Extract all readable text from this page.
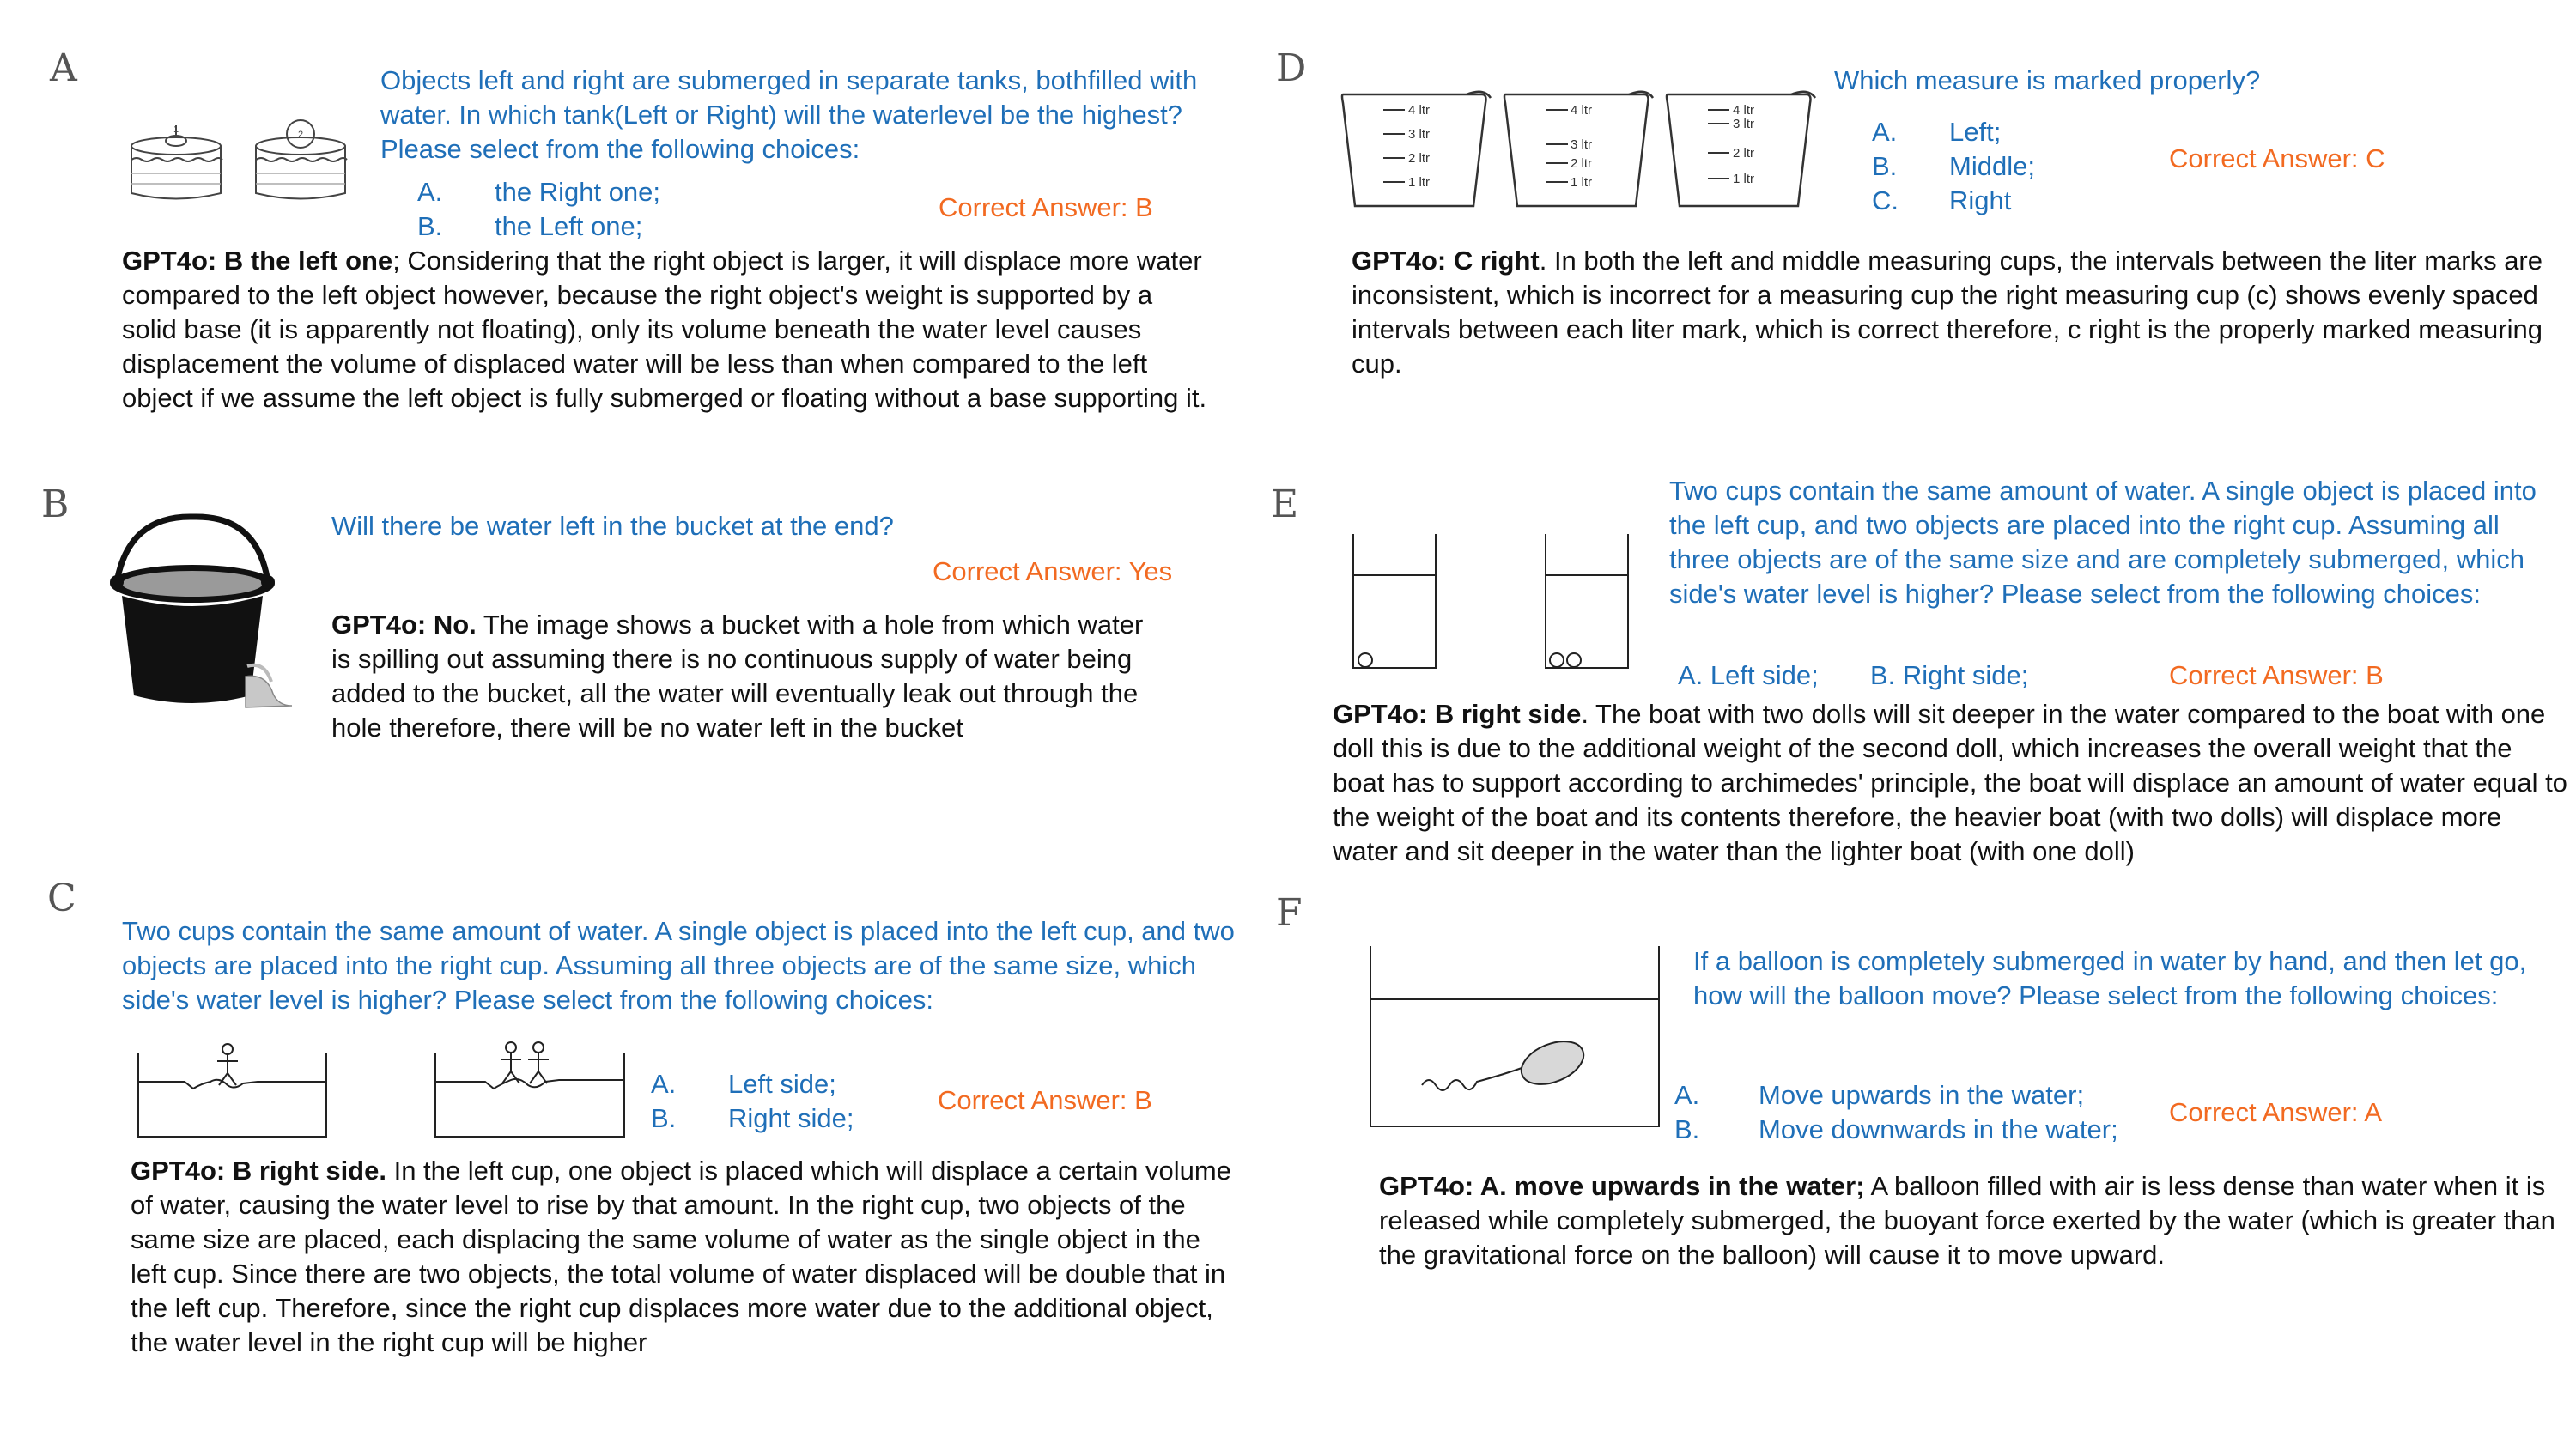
A
1	2
Objects left and right are submerged in separate tanks, bothfilled with water. In which tank(Left or Right) will the waterlevel be the highest? Please select from the following choices:
A. the Right one;
B. the Left one;
Correct Answer: B
GPT4o: B the left one; Considering that the right object is larger, it will displace more water compared to the left object however, because the right object's weight is supported by a solid base (it is apparently not floating), only its volume beneath the water level causes displacement the volume of displaced water will be less than when compared to the left object if we assume the left object is fully submerged or floating without a base supporting it.
B	Will there be water left in the bucket at the end?
Correct Answer: Yes
GPT4o: No. The image shows a bucket with a hole from which water is spilling out assuming there is no continuous supply of water being added to the bucket, all the water will eventually leak out through the hole therefore, there will be no water left in the bucket
C
Two cups contain the same amount of water. A single object is placed into the left cup, and two objects are placed into the right cup. Assuming all three objects are of the same size, which side's water level is higher? Please select from the following choices:
A. Left side;
B. Right side;
Correct Answer: B
GPT4o: B right side. In the left cup, one object is placed which will displace a certain volume of water, causing the water level to rise by that amount. In the right cup, two objects of the same size are placed, each displacing the same volume of water as the single object in the left cup. Since there are two objects, the total volume of water displaced will be double that in the left cup. Therefore, since the right cup displaces more water due to the additional object, the water level in the right cup will be higher
D
4 ltr
3 ltr
2 ltr
1 ltr
4 ltr
3 ltr
2 ltr
1 ltr
4 ltr
3 ltr
2 ltr
1 ltr
Which measure is marked properly?
A. Left;
B. Middle;
C. Right
Correct Answer: C
GPT4o: C right. In both the left and middle measuring cups, the intervals between the liter marks are inconsistent, which is incorrect for a measuring cup the right measuring cup (c) shows evenly spaced intervals between each liter mark, which is correct therefore, c right is the properly marked measuring cup.
E	Two cups contain the same amount of water. A single object is placed into the left cup, and two objects are placed into the right cup. Assuming all three objects are of the same size and are completely submerged, which side's water level is higher? Please select from the following choices:
A. Left side; B. Right side;	Correct Answer: B
GPT4o: B right side. The boat with two dolls will sit deeper in the water compared to the boat with one doll this is due to the additional weight of the second doll, which increases the overall weight that the boat has to support according to archimedes' principle, the boat will displace an amount of water equal to the weight of the boat and its contents therefore, the heavier boat (with two dolls) will displace more water and sit deeper in the water than the lighter boat (with one doll)
F
If a balloon is completely submerged in water by hand, and then let go, how will the balloon move? Please select from the following choices:
A. Move upwards in the water;
B. Move downwards in the water;
Correct Answer: A
GPT4o: A. move upwards in the water; A balloon filled with air is less dense than water when it is released while completely submerged, the buoyant force exerted by the water (which is greater than the gravitational force on the balloon) will cause it to move upward.
